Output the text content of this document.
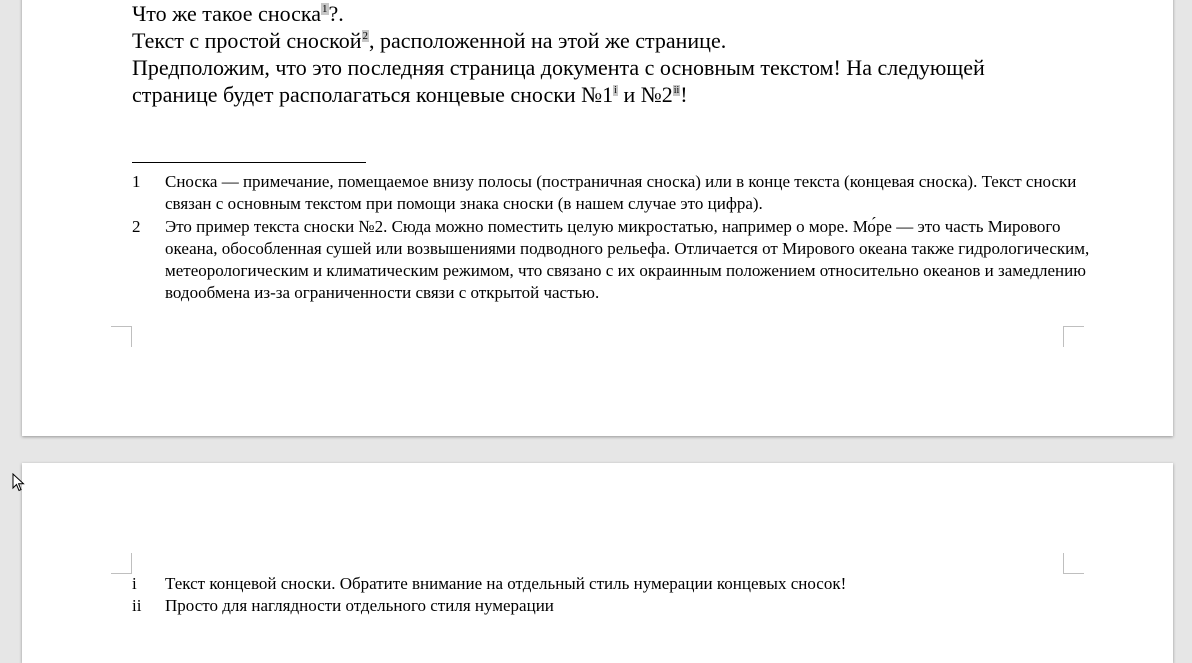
Что же такое сноска$^1$?.

Текст с простой сноской$^2$, расположенной на этой же странице.

Предположим, что это последняя страница документа с основным текстом! На следующей

странице будет располагаться концевые сноски №1$^i$ и №2$^{ii}$!

1	Сноска — примечание, помещаемое внизу полосы (постраничная сноска) или в конце текста (концевая сноска). Текст сноски связан с основным текстом при помощи знака сноски (в нашем случае это цифра).
2	Это пример текста сноски №2. Сюда можно поместить целую микростатью, например о море. Мо́ре — это часть Мирового океана, обособленная сушей или возвышениями подводного рельефа. Отличается от Мирового океана также гидрологическим, метеорологическим и климатическим режимом, что связано с их окраинным положением относительно океанов и замедлению водообмена из-за ограниченности связи с открытой частью.
i	Текст концевой сноски. Обратите внимание на отдельный стиль нумерации концевых сносок!
ii	Просто для наглядности отдельного стиля нумерации
